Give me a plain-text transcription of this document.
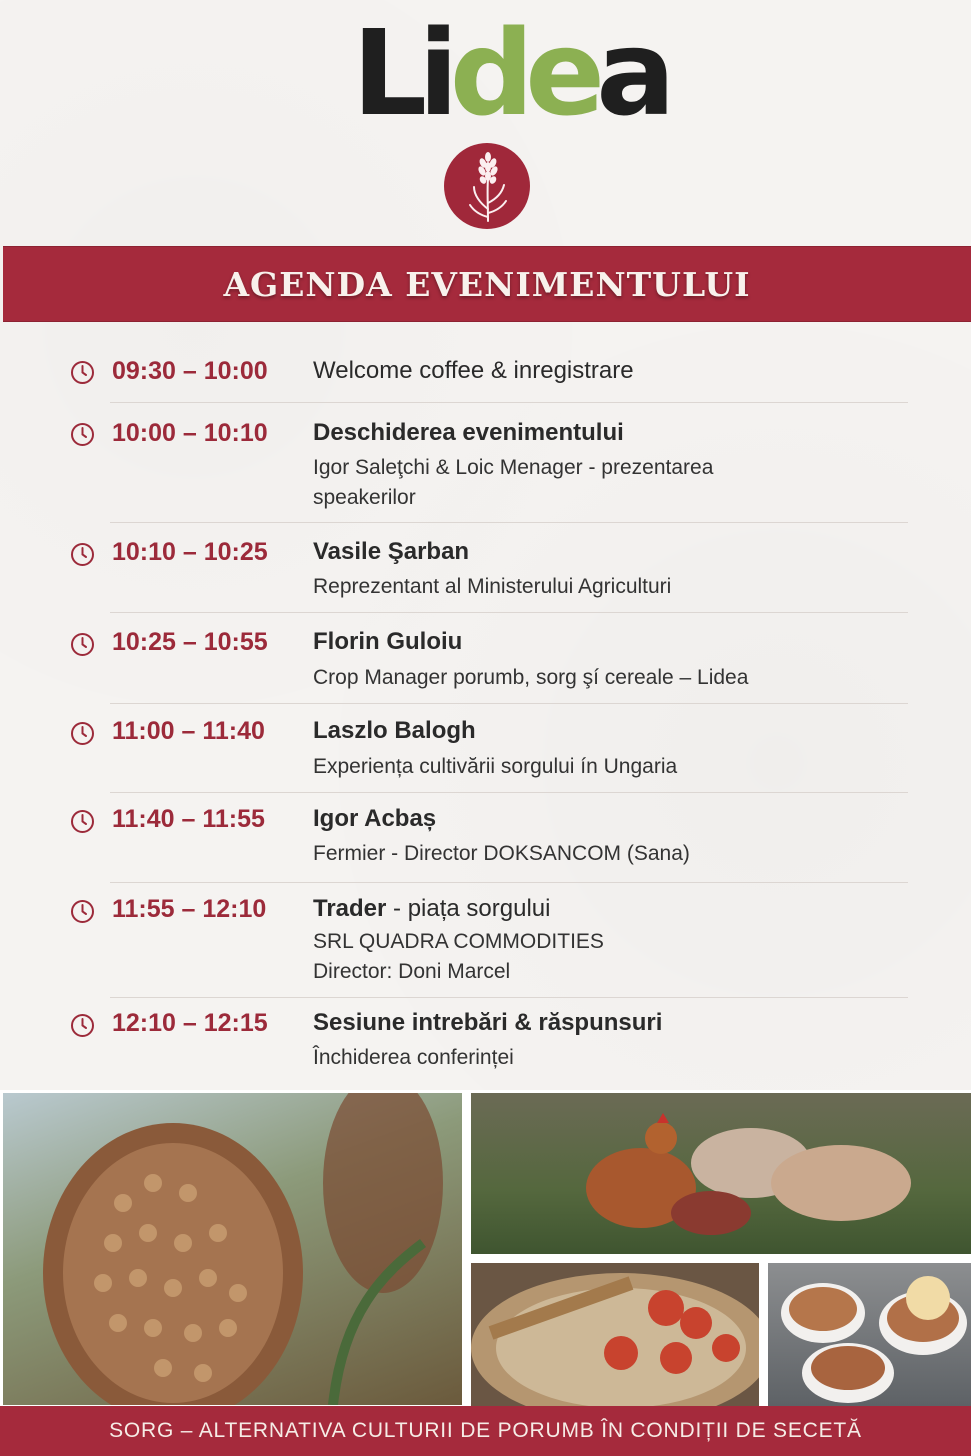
Lidea
AGENDA EVENIMENTULUI
09:30 – 10:00 Welcome coffee & inregistrare
10:00 – 10:10 Deschiderea evenimentului
Igor Saleţchi & Loic Menager - prezentarea
speakerilor
10:10 – 10:25 Vasile Şarban
Reprezentant al Ministerului Agriculturi
10:25 – 10:55 Florin Guloiu
Crop Manager porumb, sorg şí cereale – Lidea
11:00 – 11:40 Laszlo Balogh
Experiența cultivării sorgului ín Ungaria
11:40 – 11:55 Igor Acbaș
Fermier - Director DOKSANCOM (Sana)
11:55 – 12:10 Trader - piața sorgului
SRL QUADRA COMMODITIES
Director: Doni Marcel
12:10 – 12:15 Sesiune intrebări & răspunsuri
Închiderea conferinței
SORG – ALTERNATIVA CULTURII DE PORUMB ÎN CONDIȚII DE SECETĂ
